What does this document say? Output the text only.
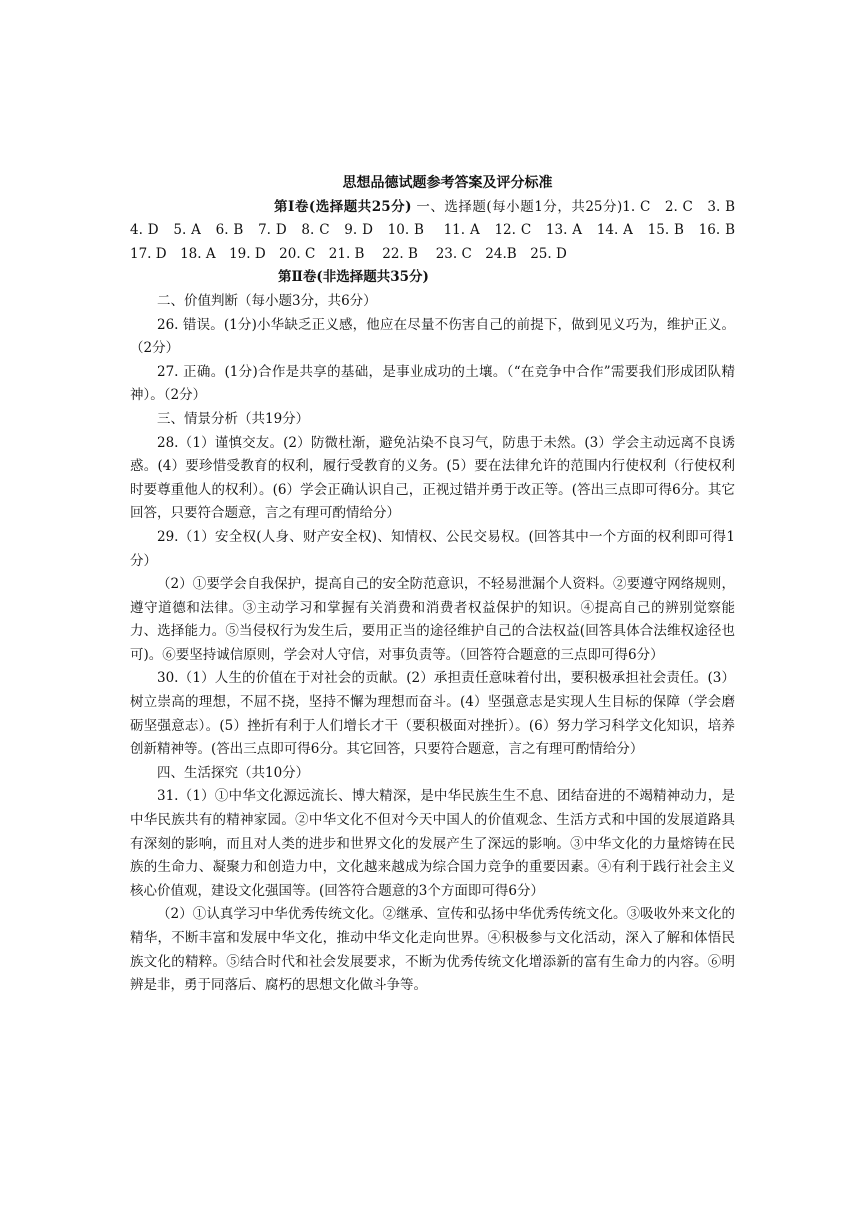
思想品德试题参考答案及评分标准

第Ⅰ卷(选择题共25分) 一、选择题(每小题1分，共25分)1. C　2. C　3. B　4. D　5. A　6. B　7. D　8. C　9. D　10. B　 11. A　12. C　13. A　14. A　15. B　16. B　17. D　18. A　19. D　20. C　21. B　 22. B　 23. C　24.B　25. D

第Ⅱ卷(非选择题共35分)

二、价值判断（每小题3分，共6分）

26. 错误。(1分)小华缺乏正义感，他应在尽量不伤害自己的前提下，做到见义巧为，维护正义。（2分）

27. 正确。(1分)合作是共享的基础，是事业成功的土壤。（“在竞争中合作”需要我们形成团队精神）。（2分）

三、情景分析（共19分）

28.（1）谨慎交友。(2）防微杜渐，避免沾染不良习气，防患于未然。(3）学会主动远离不良诱惑。(4）要珍惜受教育的权利，履行受教育的义务。(5）要在法律允许的范围内行使权利（行使权利时要尊重他人的权利）。(6）学会正确认识自己，正视过错并勇于改正等。(答出三点即可得6分。其它回答，只要符合题意，言之有理可酌情给分）

29.（1）安全权(人身、财产安全权)、知情权、公民交易权。(回答其中一个方面的权利即可得1分）

（2）①要学会自我保护，提高自己的安全防范意识，不轻易泄漏个人资料。②要遵守网络规则，遵守道德和法律。③主动学习和掌握有关消费和消费者权益保护的知识。④提高自己的辨别觉察能力、选择能力。⑤当侵权行为发生后，要用正当的途径维护自己的合法权益(回答具体合法维权途径也可)。⑥要坚持诚信原则，学会对人守信，对事负责等。（回答符合题意的三点即可得6分）

30.（1）人生的价值在于对社会的贡献。(2）承担责任意味着付出，要积极承担社会责任。(3）树立崇高的理想，不屈不挠，坚持不懈为理想而奋斗。(4）坚强意志是实现人生目标的保障（学会磨砺坚强意志）。(5）挫折有利于人们增长才干（要积极面对挫折）。(6）努力学习科学文化知识，培养创新精神等。(答出三点即可得6分。其它回答，只要符合题意，言之有理可酌情给分）

四、生活探究（共10分）

31.（1）①中华文化源远流长、博大精深，是中华民族生生不息、团结奋进的不竭精神动力，是中华民族共有的精神家园。②中华文化不但对今天中国人的价值观念、生活方式和中国的发展道路具有深刻的影响，而且对人类的进步和世界文化的发展产生了深远的影响。③中华文化的力量熔铸在民族的生命力、凝聚力和创造力中，文化越来越成为综合国力竞争的重要因素。④有利于践行社会主义核心价值观，建设文化强国等。(回答符合题意的3个方面即可得6分）

（2）①认真学习中华优秀传统文化。②继承、宣传和弘扬中华优秀传统文化。③吸收外来文化的精华，不断丰富和发展中华文化，推动中华文化走向世界。④积极参与文化活动，深入了解和体悟民族文化的精粹。⑤结合时代和社会发展要求，不断为优秀传统文化增添新的富有生命力的内容。⑥明辨是非，勇于同落后、腐朽的思想文化做斗争等。
